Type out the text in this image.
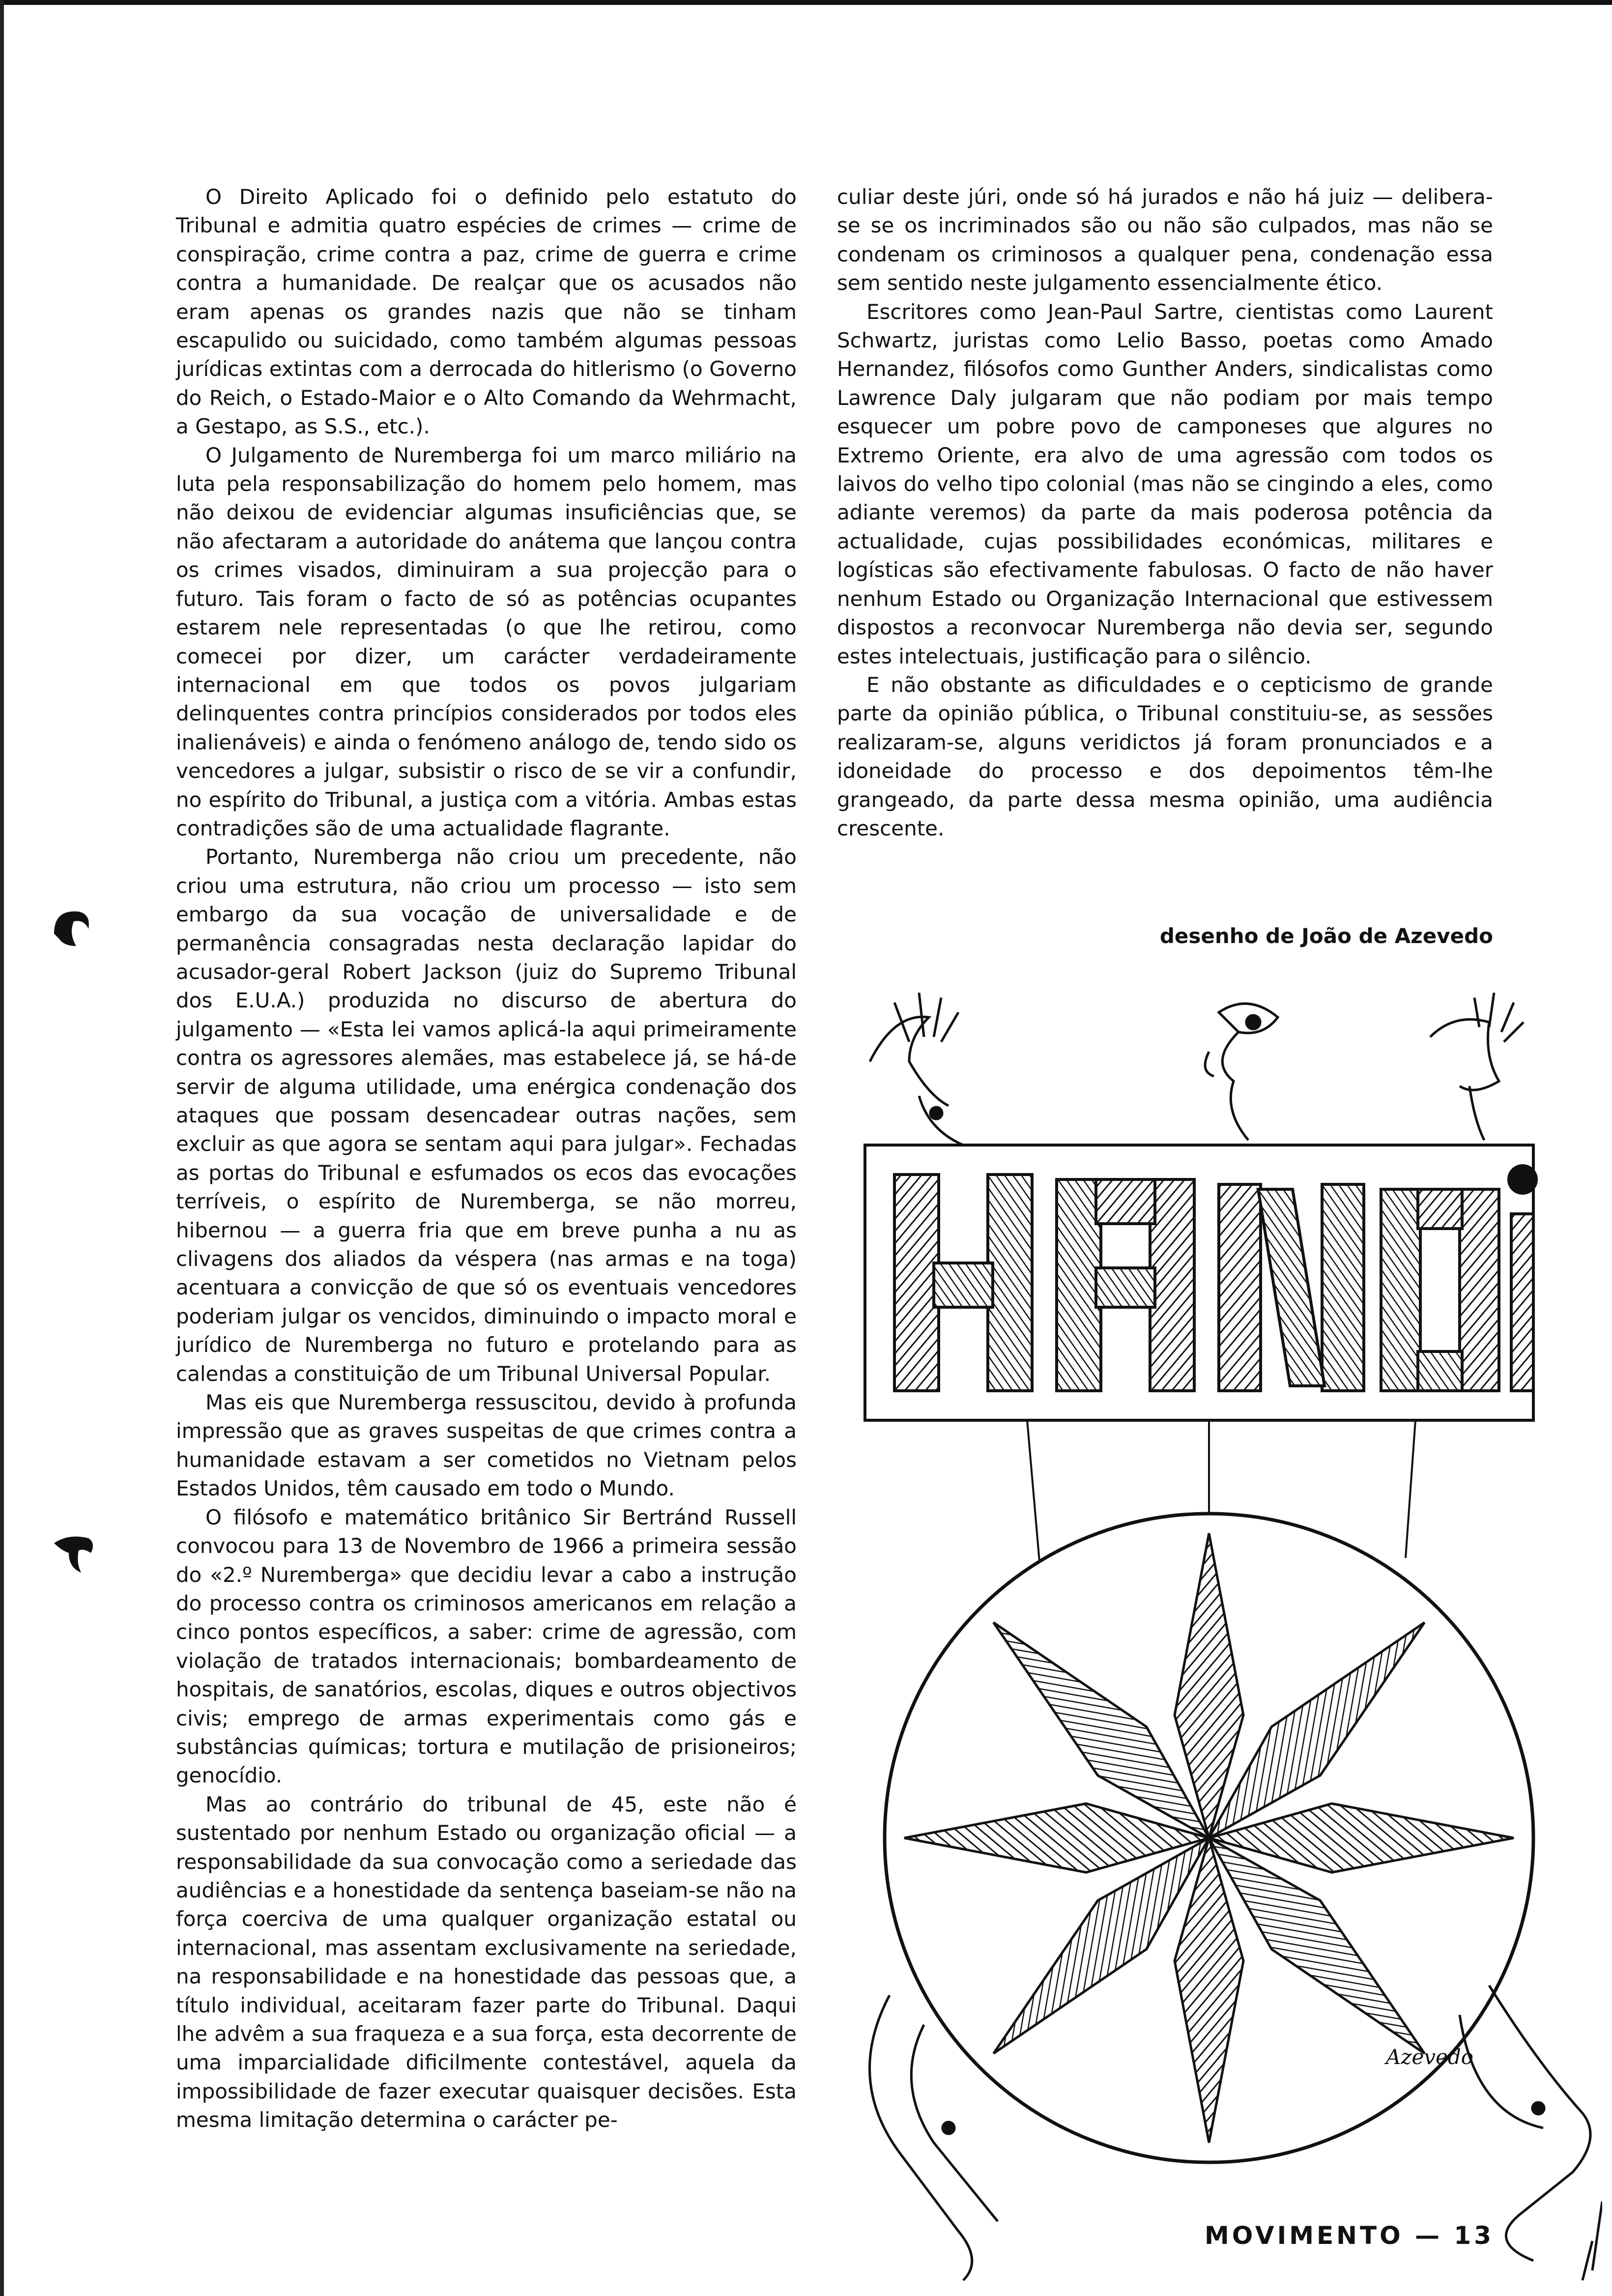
O Direito Aplicado foi o definido pelo estatuto do Tribunal e admitia quatro espécies de crimes — crime de conspiração, crime contra a paz, crime de guerra e crime contra a humanidade. De realçar que os acusados não eram apenas os grandes nazis que não se tinham escapulido ou suicidado, como também algumas pessoas jurídicas extintas com a derrocada do hitlerismo (o Governo do Reich, o Estado-Maior e o Alto Comando da Wehrmacht, a Gestapo, as S.S., etc.).

O Julgamento de Nuremberga foi um marco miliário na luta pela responsabilização do homem pelo homem, mas não deixou de evidenciar algumas insuficiências que, se não afectaram a autoridade do anátema que lançou contra os crimes visados, diminuiram a sua projecção para o futuro. Tais foram o facto de só as potências ocupantes estarem nele representadas (o que lhe retirou, como comecei por dizer, um carácter verdadeiramente internacional em que todos os povos julgariam delinquentes contra princípios considerados por todos eles inalienáveis) e ainda o fenómeno análogo de, tendo sido os vencedores a julgar, subsistir o risco de se vir a confundir, no espírito do Tribunal, a justiça com a vitória. Ambas estas contradições são de uma actualidade flagrante.

Portanto, Nuremberga não criou um precedente, não criou uma estrutura, não criou um processo — isto sem embargo da sua vocação de universalidade e de permanência consagradas nesta declaração lapidar do acusador-geral Robert Jackson (juiz do Supremo Tribunal dos E.U.A.) produzida no discurso de abertura do julgamento — «Esta lei vamos aplicá-la aqui primeiramente contra os agressores alemães, mas estabelece já, se há-de servir de alguma utilidade, uma enérgica condenação dos ataques que possam desencadear outras nações, sem excluir as que agora se sentam aqui para julgar». Fechadas as portas do Tribunal e esfumados os ecos das evocações terríveis, o espírito de Nuremberga, se não morreu, hibernou — a guerra fria que em breve punha a nu as clivagens dos aliados da véspera (nas armas e na toga) acentuara a convicção de que só os eventuais vencedores poderiam julgar os vencidos, diminuindo o impacto moral e jurídico de Nuremberga no futuro e protelando para as calendas a constituição de um Tribunal Universal Popular.

Mas eis que Nuremberga ressuscitou, devido à profunda impressão que as graves suspeitas de que crimes contra a humanidade estavam a ser cometidos no Vietnam pelos Estados Unidos, têm causado em todo o Mundo.

O filósofo e matemático britânico Sir Bertránd Russell convocou para 13 de Novembro de 1966 a primeira sessão do «2.º Nuremberga» que decidiu levar a cabo a instrução do processo contra os criminosos americanos em relação a cinco pontos específicos, a saber: crime de agressão, com violação de tratados internacionais; bombardeamento de hospitais, de sanatórios, escolas, diques e outros objectivos civis; emprego de armas experimentais como gás e substâncias químicas; tortura e mutilação de prisioneiros; genocídio.

Mas ao contrário do tribunal de 45, este não é sustentado por nenhum Estado ou organização oficial — a responsabilidade da sua convocação como a seriedade das audiências e a honestidade da sentença baseiam-se não na força coerciva de uma qualquer organização estatal ou internacional, mas assentam exclusivamente na seriedade, na responsabilidade e na honestidade das pessoas que, a título individual, aceitaram fazer parte do Tribunal. Daqui lhe advêm a sua fraqueza e a sua força, esta decorrente de uma imparcialidade dificilmente contestável, aquela da impossibilidade de fazer executar quaisquer decisões. Esta mesma limitação determina o carácter pe-

culiar deste júri, onde só há jurados e não há juiz — delibera-se se os incriminados são ou não são culpados, mas não se condenam os criminosos a qualquer pena, condenação essa sem sentido neste julgamento essencialmente ético.

Escritores como Jean-Paul Sartre, cientistas como Laurent Schwartz, juristas como Lelio Basso, poetas como Amado Hernandez, filósofos como Gunther Anders, sindicalistas como Lawrence Daly julgaram que não podiam por mais tempo esquecer um pobre povo de camponeses que algures no Extremo Oriente, era alvo de uma agressão com todos os laivos do velho tipo colonial (mas não se cingindo a eles, como adiante veremos) da parte da mais poderosa potência da actualidade, cujas possibilidades económicas, militares e logísticas são efectivamente fabulosas. O facto de não haver nenhum Estado ou Organização Internacional que estivessem dispostos a reconvocar Nuremberga não devia ser, segundo estes intelectuais, justificação para o silêncio.

E não obstante as dificuldades e o cepticismo de grande parte da opinião pública, o Tribunal constituiu-se, as sessões realizaram-se, alguns veridictos já foram pronunciados e a idoneidade do processo e dos depoimentos têm-lhe grangeado, da parte dessa mesma opinião, uma audiência crescente.

desenho de João de Azevedo
Azevedo
MOVIMENTO — 13
